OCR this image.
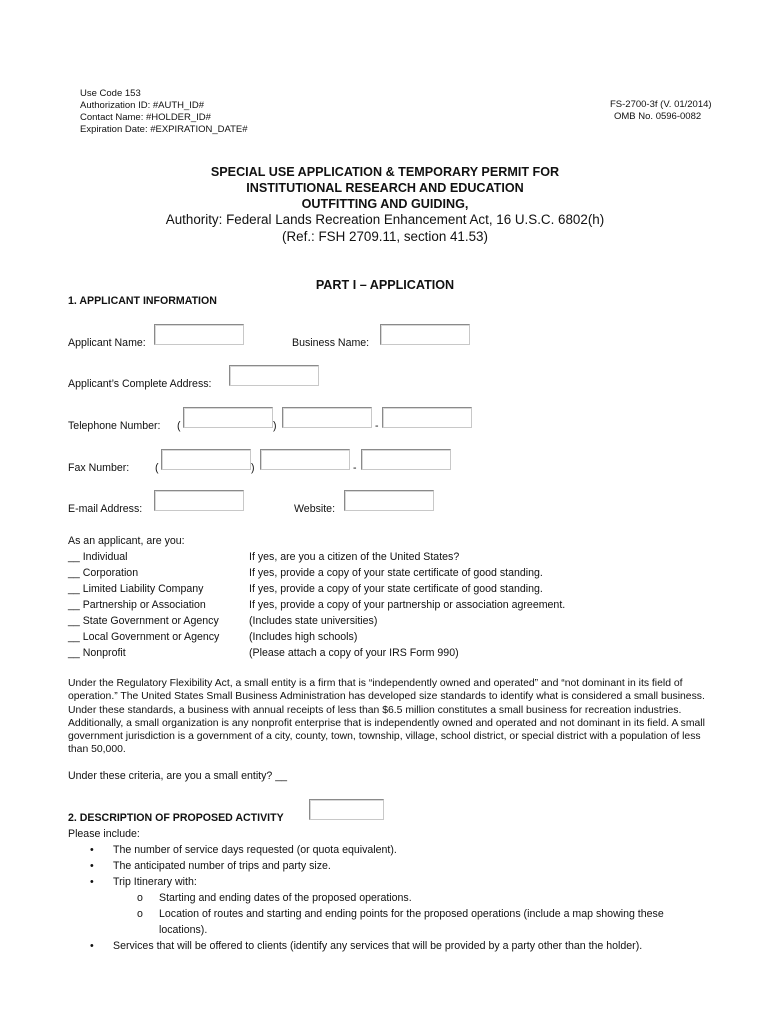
Use Code 153
Authorization ID: #AUTH_ID#
Contact Name: #HOLDER_ID#
Expiration Date: #EXPIRATION_DATE#
FS-2700-3f (V. 01/2014)
OMB No. 0596-0082
SPECIAL USE APPLICATION & TEMPORARY PERMIT FOR
INSTITUTIONAL RESEARCH AND EDUCATION
OUTFITTING AND GUIDING,
Authority: Federal Lands Recreation Enhancement Act, 16 U.S.C. 6802(h)
(Ref.: FSH 2709.11, section 41.53)
PART I – APPLICATION
1. APPLICANT INFORMATION
Applicant Name:	Business Name:
Applicant’s Complete Address:
Telephone Number: (	)	-
Fax Number: (	)	-
E-mail Address:	Website:
As an applicant, are you:
__ Individual	If yes, are you a citizen of the United States?
__ Corporation	If yes, provide a copy of your state certificate of good standing.
__ Limited Liability Company	If yes, provide a copy of your state certificate of good standing.
__ Partnership or Association	If yes, provide a copy of your partnership or association agreement.
__ State Government or Agency	(Includes state universities)
__ Local Government or Agency	(Includes high schools)
__ Nonprofit	(Please attach a copy of your IRS Form 990)
Under the Regulatory Flexibility Act, a small entity is a firm that is “independently owned and operated” and “not dominant in its field of operation.” The United States Small Business Administration has developed size standards to identify what is considered a small business. Under these standards, a business with annual receipts of less than $6.5 million constitutes a small business for recreation industries. Additionally, a small organization is any nonprofit enterprise that is independently owned and operated and not dominant in its field. A small government jurisdiction is a government of a city, county, town, township, village, school district, or special district with a population of less than 50,000.
Under these criteria, are you a small entity? __
2. DESCRIPTION OF PROPOSED ACTIVITY
Please include:
• The number of service days requested (or quota equivalent).
• The anticipated number of trips and party size.
• Trip Itinerary with:
o Starting and ending dates of the proposed operations.
o Location of routes and starting and ending points for the proposed operations (include a map showing these
locations).
• Services that will be offered to clients (identify any services that will be provided by a party other than the holder).
